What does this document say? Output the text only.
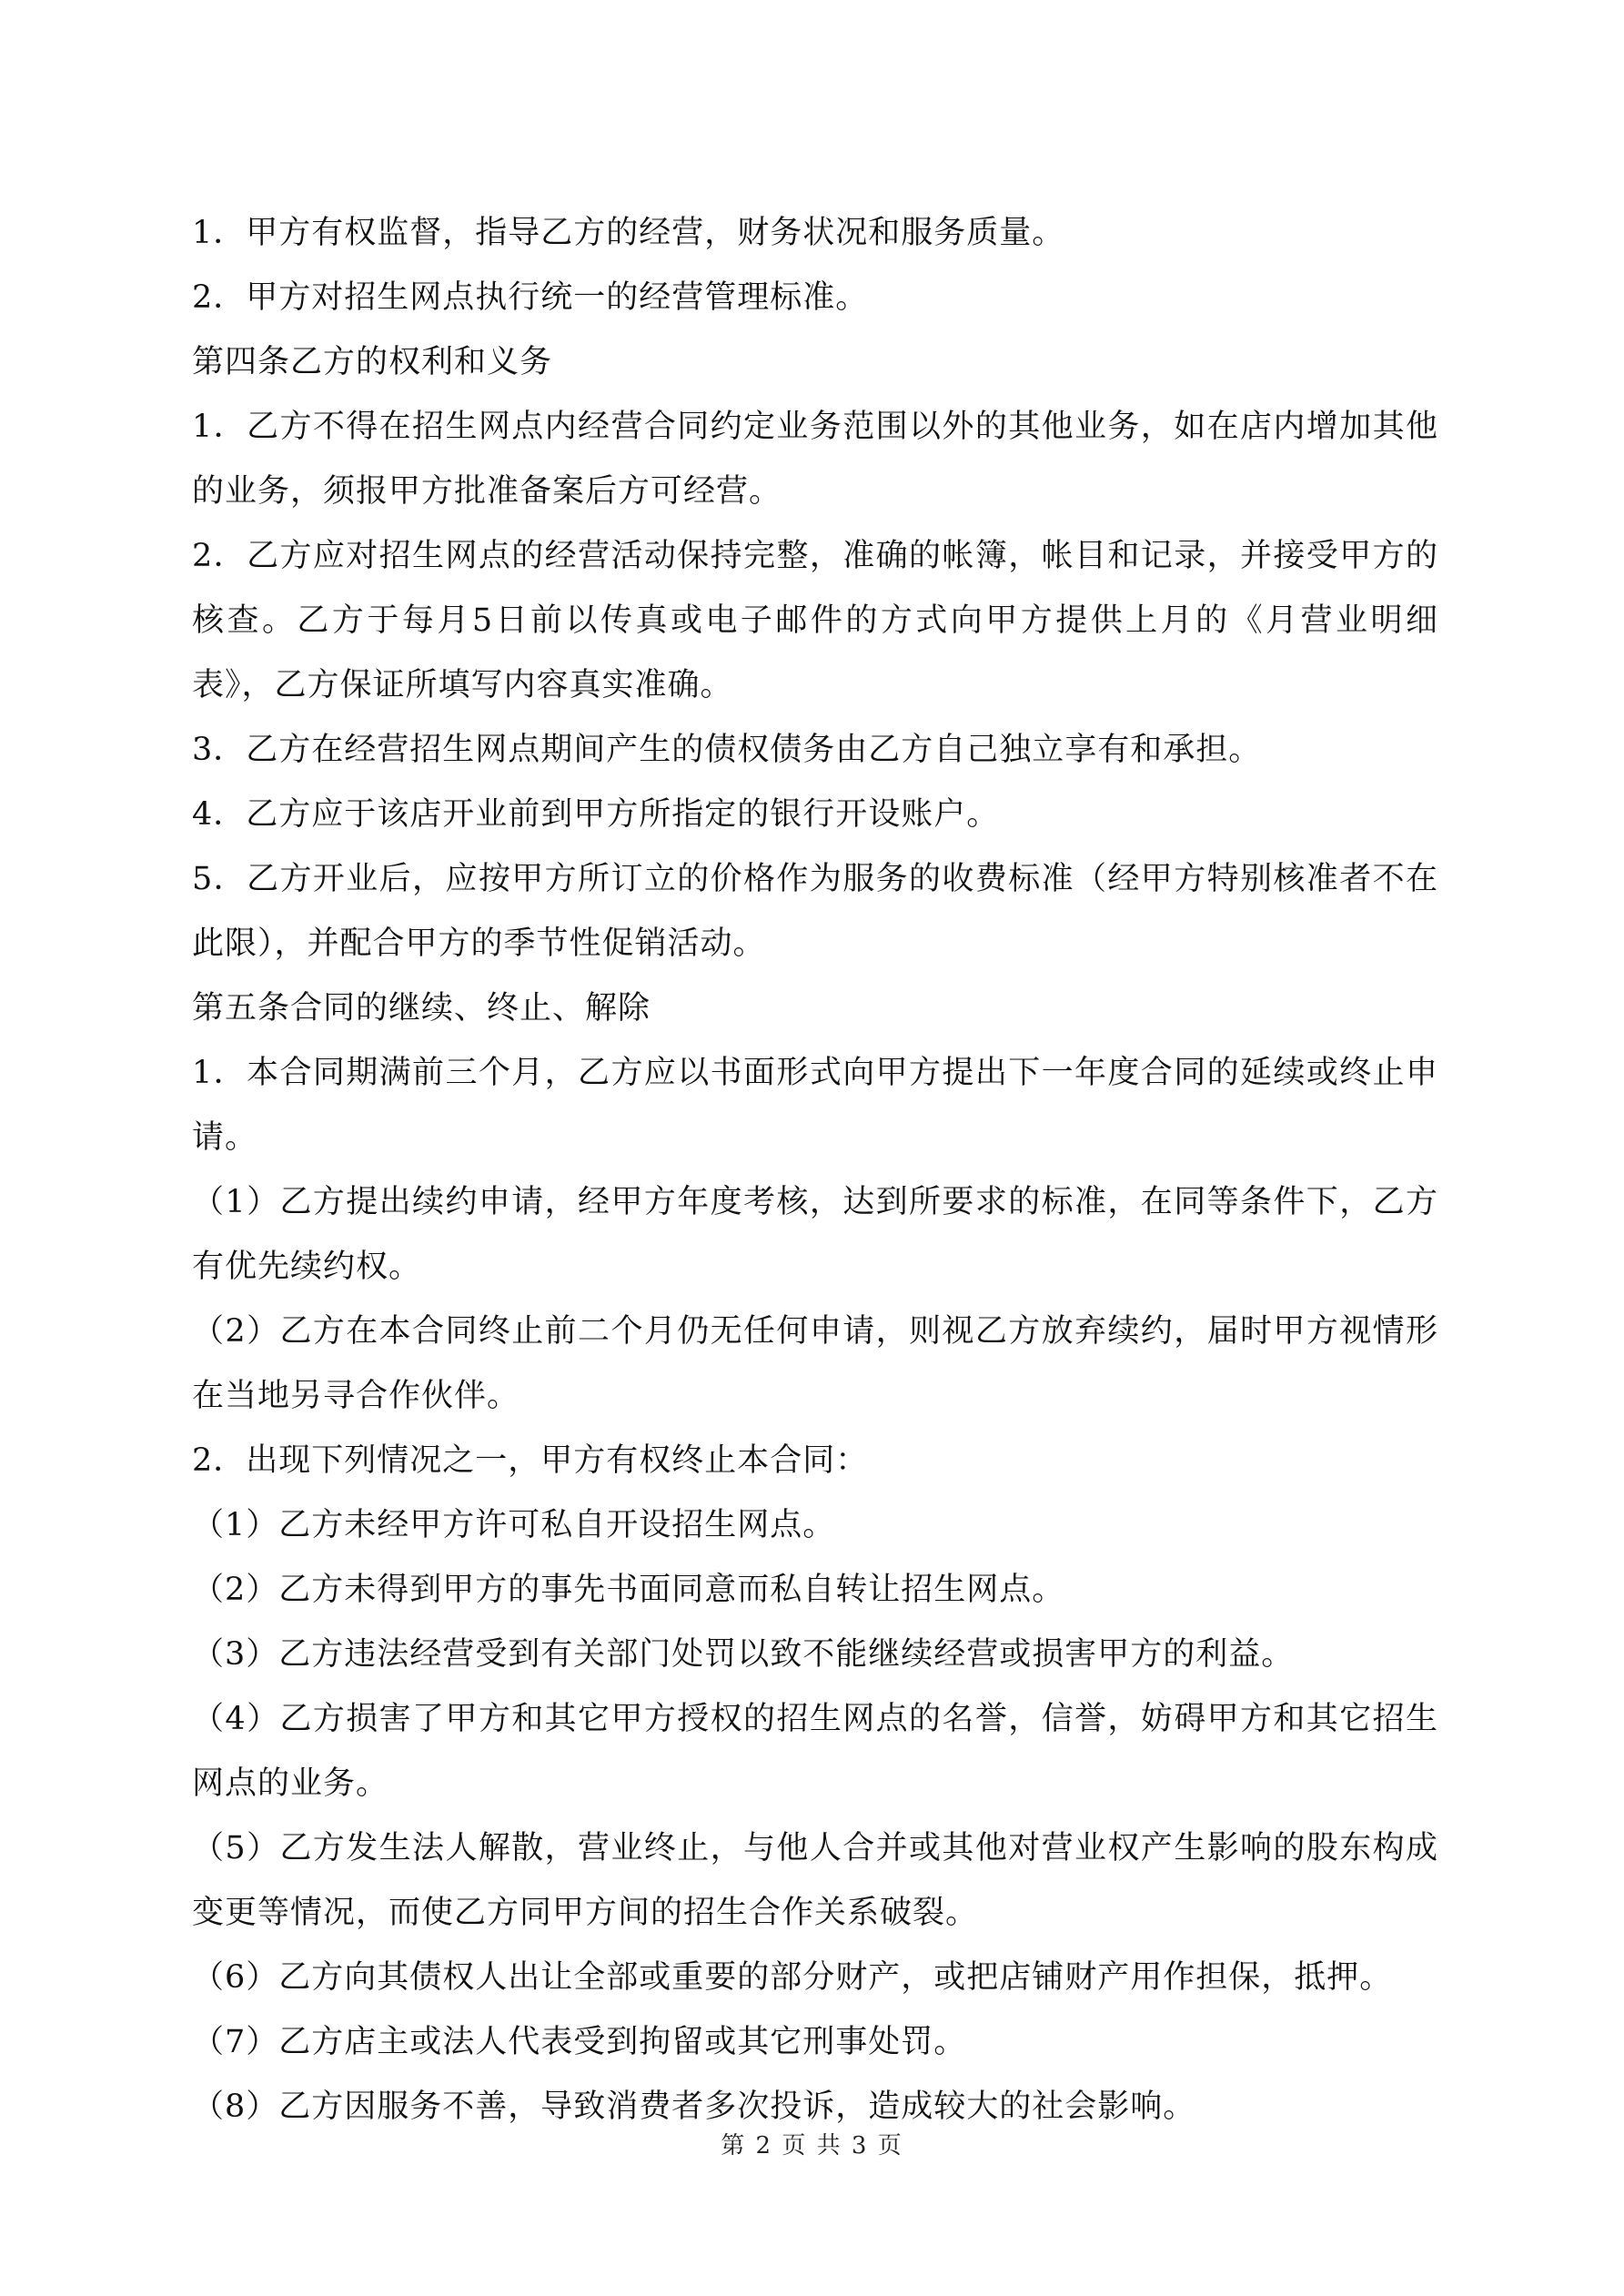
1．甲方有权监督，指导乙方的经营，财务状况和服务质量。

2．甲方对招生网点执行统一的经营管理标准。

第四条乙方的权利和义务

1．乙方不得在招生网点内经营合同约定业务范围以外的其他业务，如在店内增加其他的业务，须报甲方批准备案后方可经营。

2．乙方应对招生网点的经营活动保持完整，准确的帐簿，帐目和记录，并接受甲方的核查。乙方于每月5日前以传真或电子邮件的方式向甲方提供上月的《月营业明细表》，乙方保证所填写内容真实准确。

3．乙方在经营招生网点期间产生的债权债务由乙方自己独立享有和承担。

4．乙方应于该店开业前到甲方所指定的银行开设账户。

5．乙方开业后，应按甲方所订立的价格作为服务的收费标准（经甲方特别核准者不在此限），并配合甲方的季节性促销活动。

第五条合同的继续、终止、解除

1．本合同期满前三个月，乙方应以书面形式向甲方提出下一年度合同的延续或终止申请。

（1）乙方提出续约申请，经甲方年度考核，达到所要求的标准，在同等条件下，乙方有优先续约权。

（2）乙方在本合同终止前二个月仍无任何申请，则视乙方放弃续约，届时甲方视情形在当地另寻合作伙伴。

2．出现下列情况之一，甲方有权终止本合同：

（1）乙方未经甲方许可私自开设招生网点。

（2）乙方未得到甲方的事先书面同意而私自转让招生网点。

（3）乙方违法经营受到有关部门处罚以致不能继续经营或损害甲方的利益。

（4）乙方损害了甲方和其它甲方授权的招生网点的名誉，信誉，妨碍甲方和其它招生网点的业务。

（5）乙方发生法人解散，营业终止，与他人合并或其他对营业权产生影响的股东构成变更等情况，而使乙方同甲方间的招生合作关系破裂。

（6）乙方向其债权人出让全部或重要的部分财产，或把店铺财产用作担保，抵押。

（7）乙方店主或法人代表受到拘留或其它刑事处罚。

（8）乙方因服务不善，导致消费者多次投诉，造成较大的社会影响。

第 2 页 共 3 页
